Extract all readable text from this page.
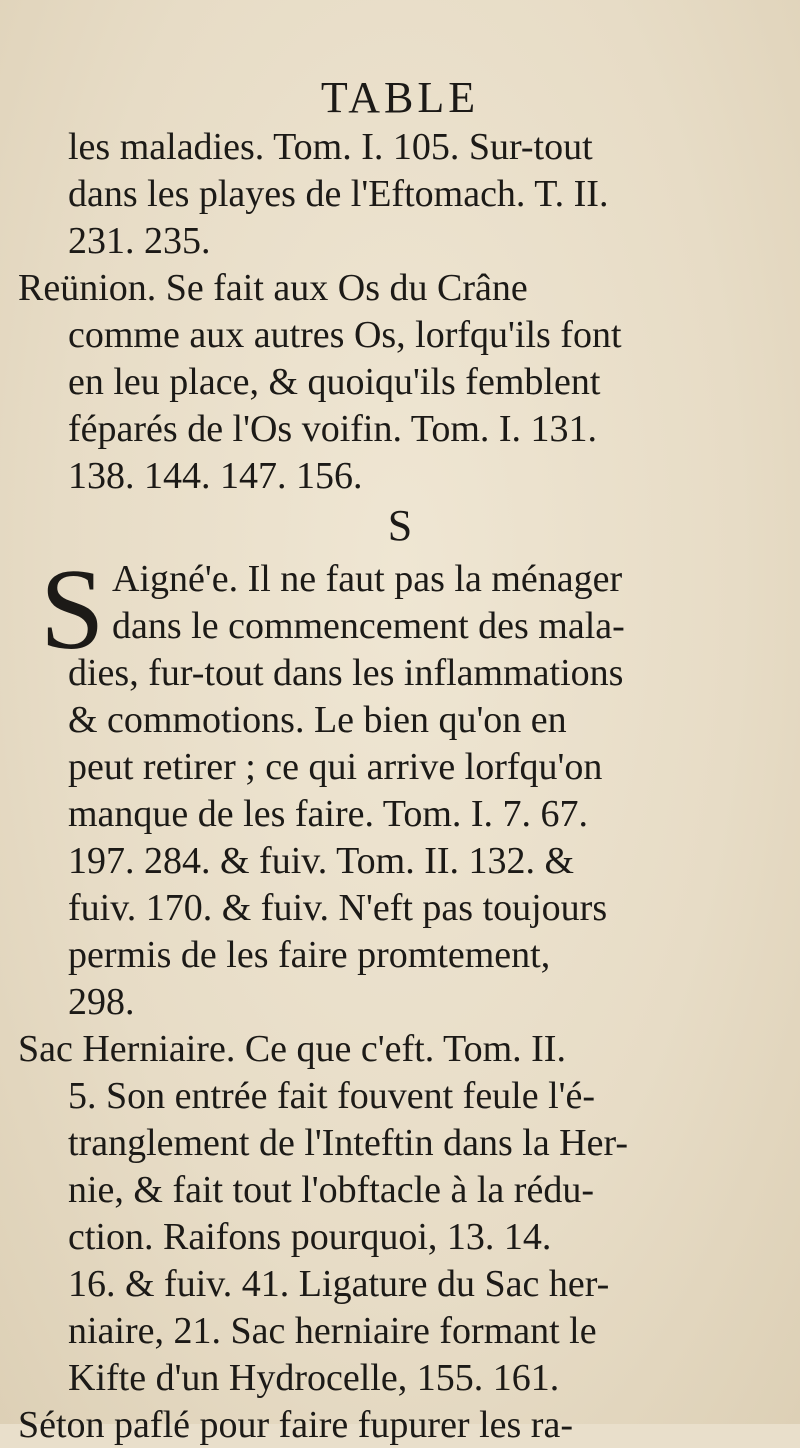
TABLE
S
S
les maladies. Tom. I. 105. Sur-tout
dans les playes de l'Eftomach. T. II.
231. 235.
Reünion. Se fait aux Os du Crâne
comme aux autres Os, lorfqu'ils font
en leu place, & quoiqu'ils femblent
féparés de l'Os voifin. Tom. I. 131.
138. 144. 147. 156.
Aigné'e. Il ne faut pas la ménager
dans le commencement des mala-
dies, fur-tout dans les inflammations
& commotions. Le bien qu'on en
peut retirer ; ce qui arrive lorfqu'on
manque de les faire. Tom. I. 7. 67.
197. 284. & fuiv. Tom. II. 132. &
fuiv. 170. & fuiv. N'eft pas toujours
permis de les faire promtement,
298.
Sac Herniaire. Ce que c'eft. Tom. II.
5. Son entrée fait fouvent feule l'é-
tranglement de l'Inteftin dans la Her-
nie, & fait tout l'obftacle à la rédu-
ction. Raifons pourquoi, 13. 14.
16. & fuiv. 41. Ligature du Sac her-
niaire, 21. Sac herniaire formant le
Kifte d'un Hydrocelle, 155. 161.
Séton paflé pour faire fupurer les ra-
